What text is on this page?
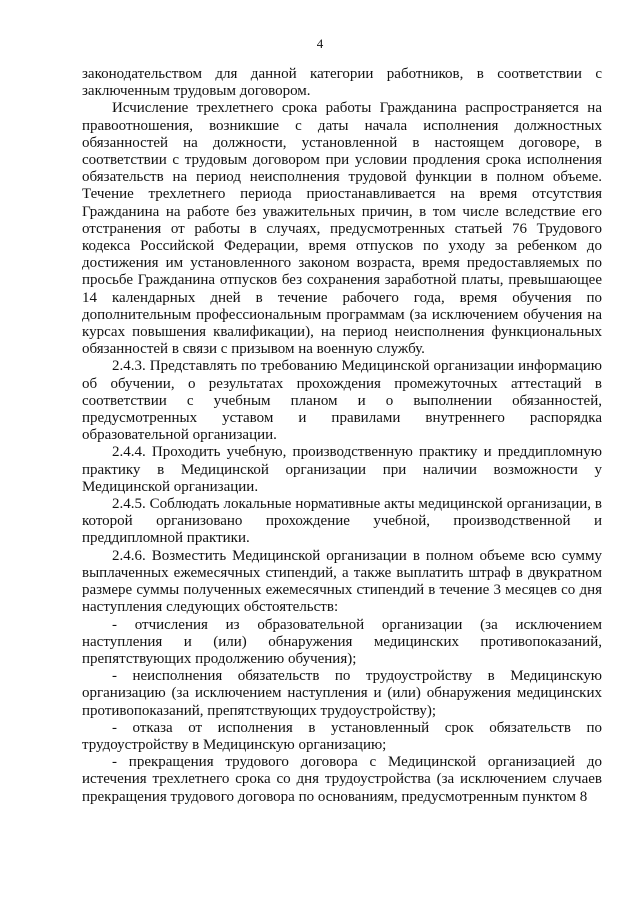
4

законодательством для данной категории работников, в соответствии с заключенным трудовым договором.

Исчисление трехлетнего срока работы Гражданина распространяется на правоотношения, возникшие с даты начала исполнения должностных обязанностей на должности, установленной в настоящем договоре, в соответствии с трудовым договором при условии продления срока исполнения обязательств на период неисполнения трудовой функции в полном объеме. Течение трехлетнего периода приостанавливается на время отсутствия Гражданина на работе без уважительных причин, в том числе вследствие его отстранения от работы в случаях, предусмотренных статьей 76 Трудового кодекса Российской Федерации, время отпусков по уходу за ребенком до достижения им установленного законом возраста, время предоставляемых по просьбе Гражданина отпусков без сохранения заработной платы, превышающее 14 календарных дней в течение рабочего года, время обучения по дополнительным профессиональным программам (за исключением обучения на курсах повышения квалификации), на период неисполнения функциональных обязанностей в связи с призывом на военную службу.

2.4.3. Представлять по требованию Медицинской организации информацию об обучении, о результатах прохождения промежуточных аттестаций в соответствии с учебным планом и о выполнении обязанностей, предусмотренных уставом и правилами внутреннего распорядка образовательной организации.

2.4.4. Проходить учебную, производственную практику и преддипломную практику в Медицинской организации при наличии возможности у Медицинской организации.

2.4.5. Соблюдать локальные нормативные акты медицинской организации, в которой организовано прохождение учебной, производственной и преддипломной практики.

2.4.6. Возместить Медицинской организации в полном объеме всю сумму выплаченных ежемесячных стипендий, а также выплатить штраф в двукратном размере суммы полученных ежемесячных стипендий в течение 3 месяцев со дня наступления следующих обстоятельств:

- отчисления из образовательной организации (за исключением наступления и (или) обнаружения медицинских противопоказаний, препятствующих продолжению обучения);

- неисполнения обязательств по трудоустройству в Медицинскую организацию (за исключением наступления и (или) обнаружения медицинских противопоказаний, препятствующих трудоустройству);

- отказа от исполнения в установленный срок обязательств по трудоустройству в Медицинскую организацию;

- прекращения трудового договора с Медицинской организацией до истечения трехлетнего срока со дня трудоустройства (за исключением случаев прекращения трудового договора по основаниям, предусмотренным пунктом 8
